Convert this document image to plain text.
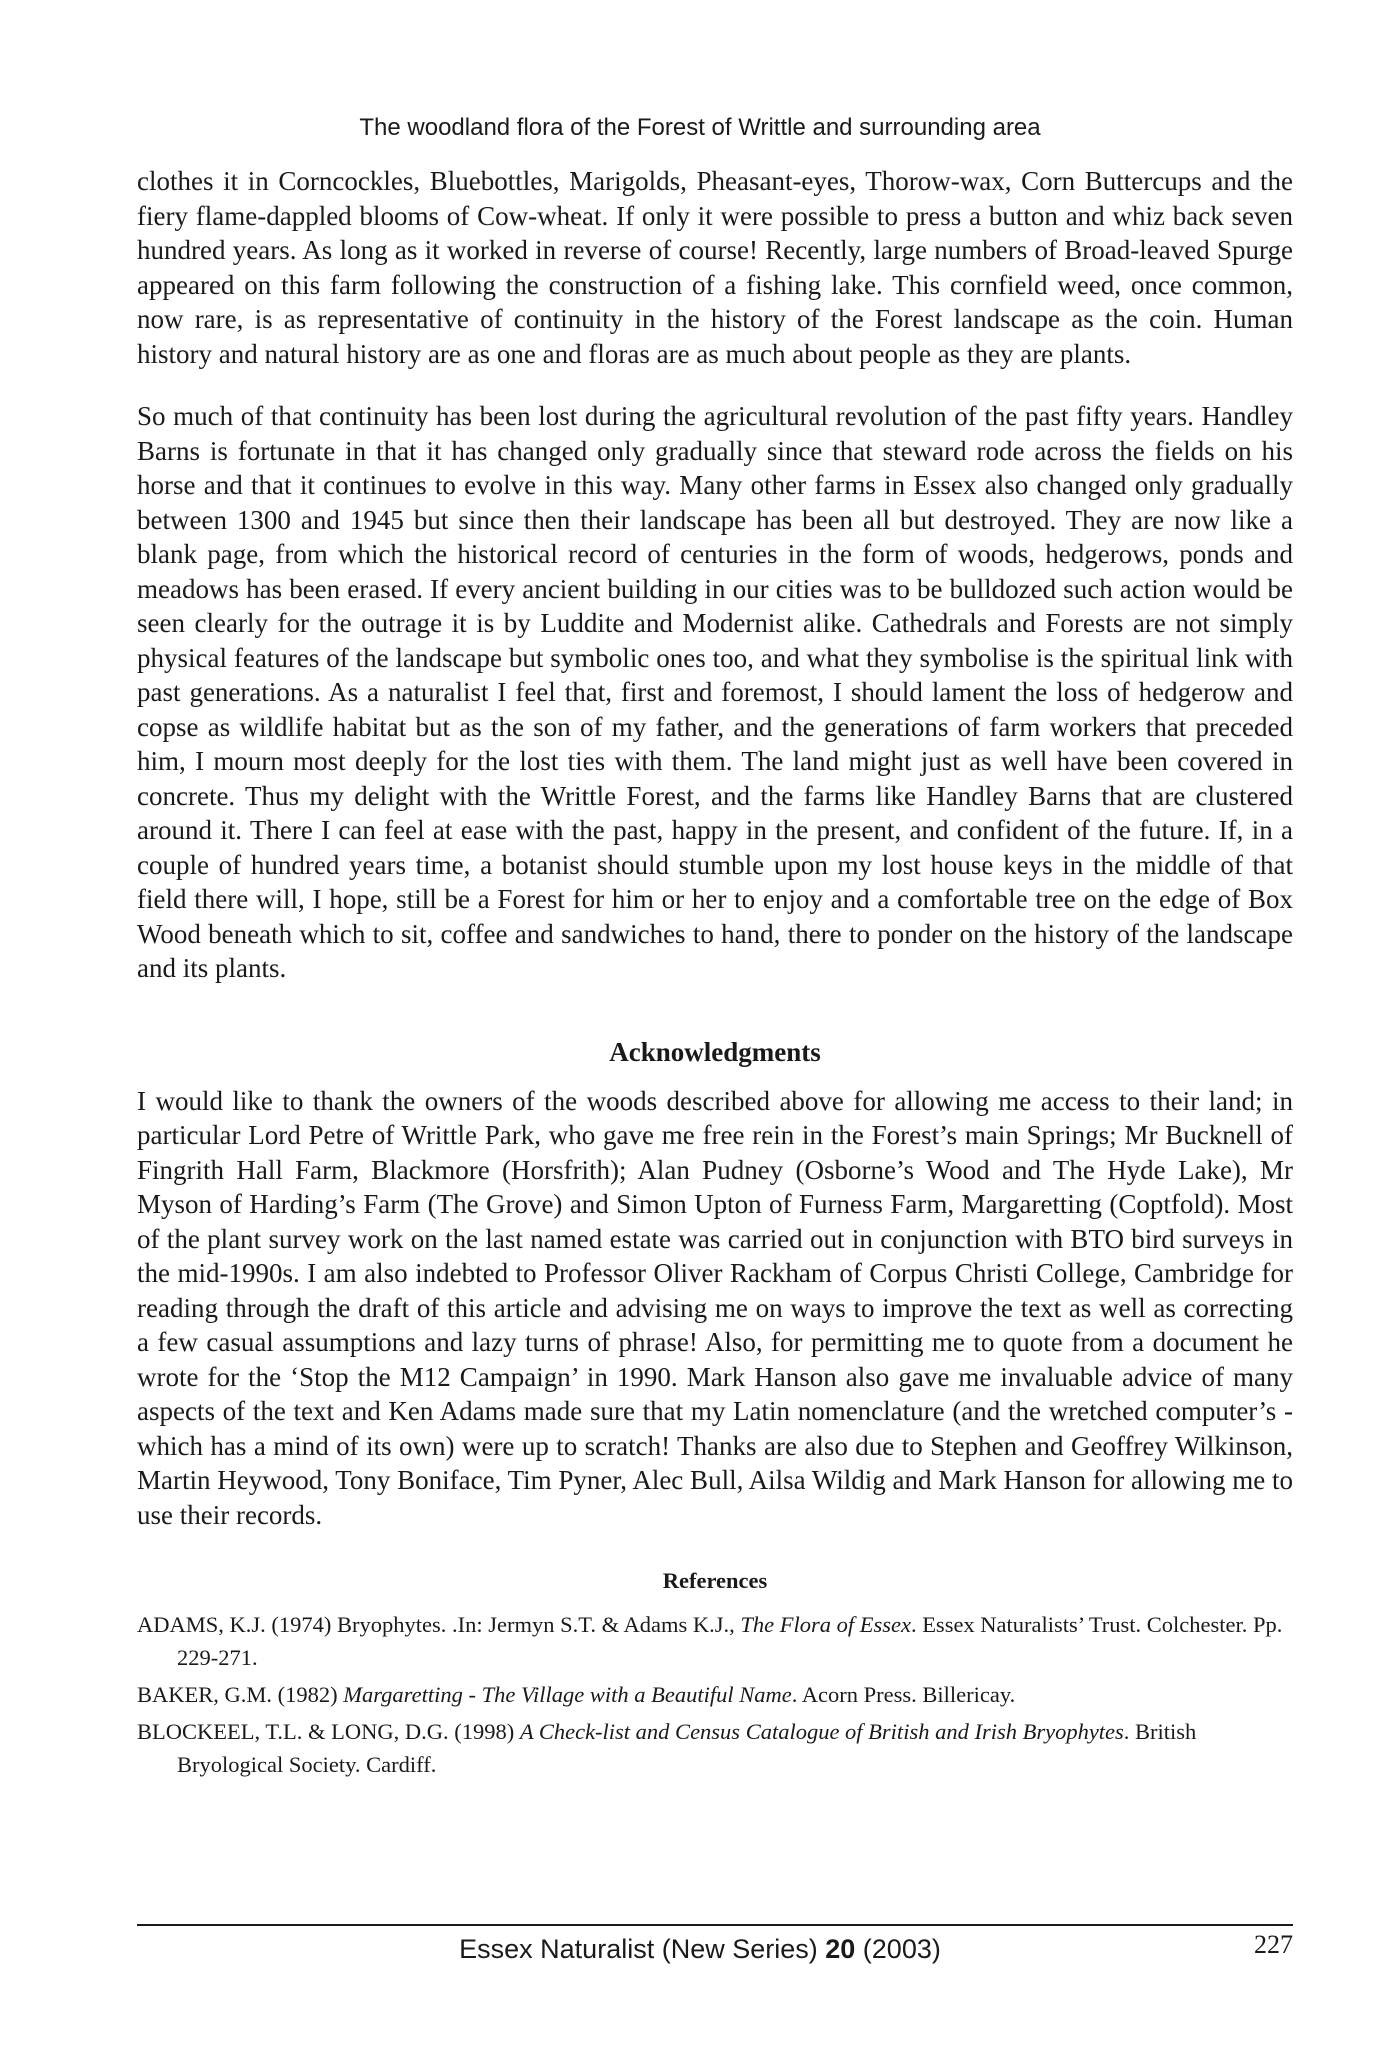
The woodland flora of the Forest of Writtle and surrounding area

clothes it in Corncockles, Bluebottles, Marigolds, Pheasant-eyes, Thorow-wax, Corn Buttercups and the fiery flame-dappled blooms of Cow-wheat. If only it were possible to press a button and whiz back seven hundred years. As long as it worked in reverse of course! Recently, large numbers of Broad-leaved Spurge appeared on this farm following the construction of a fishing lake. This cornfield weed, once common, now rare, is as representative of continuity in the history of the Forest landscape as the coin. Human history and natural history are as one and floras are as much about people as they are plants.

So much of that continuity has been lost during the agricultural revolution of the past fifty years. Handley Barns is fortunate in that it has changed only gradually since that steward rode across the fields on his horse and that it continues to evolve in this way. Many other farms in Essex also changed only gradually between 1300 and 1945 but since then their landscape has been all but destroyed. They are now like a blank page, from which the historical record of centuries in the form of woods, hedgerows, ponds and meadows has been erased. If every ancient building in our cities was to be bulldozed such action would be seen clearly for the outrage it is by Luddite and Modernist alike. Cathedrals and Forests are not simply physical features of the landscape but symbolic ones too, and what they symbolise is the spiritual link with past generations. As a naturalist I feel that, first and foremost, I should lament the loss of hedgerow and copse as wildlife habitat but as the son of my father, and the generations of farm workers that preceded him, I mourn most deeply for the lost ties with them. The land might just as well have been covered in concrete. Thus my delight with the Writtle Forest, and the farms like Handley Barns that are clustered around it. There I can feel at ease with the past, happy in the present, and confident of the future. If, in a couple of hundred years time, a botanist should stumble upon my lost house keys in the middle of that field there will, I hope, still be a Forest for him or her to enjoy and a comfortable tree on the edge of Box Wood beneath which to sit, coffee and sandwiches to hand, there to ponder on the history of the landscape and its plants.

Acknowledgments

I would like to thank the owners of the woods described above for allowing me access to their land; in particular Lord Petre of Writtle Park, who gave me free rein in the Forest’s main Springs; Mr Bucknell of Fingrith Hall Farm, Blackmore (Horsfrith); Alan Pudney (Osborne’s Wood and The Hyde Lake), Mr Myson of Harding’s Farm (The Grove) and Simon Upton of Furness Farm, Margaretting (Coptfold). Most of the plant survey work on the last named estate was carried out in conjunction with BTO bird surveys in the mid-1990s. I am also indebted to Professor Oliver Rackham of Corpus Christi College, Cambridge for reading through the draft of this article and advising me on ways to improve the text as well as correcting a few casual assumptions and lazy turns of phrase! Also, for permitting me to quote from a document he wrote for the ‘Stop the M12 Campaign’ in 1990. Mark Hanson also gave me invaluable advice of many aspects of the text and Ken Adams made sure that my Latin nomenclature (and the wretched computer’s - which has a mind of its own) were up to scratch! Thanks are also due to Stephen and Geoffrey Wilkinson, Martin Heywood, Tony Boniface, Tim Pyner, Alec Bull, Ailsa Wildig and Mark Hanson for allowing me to use their records.

References

ADAMS, K.J. (1974) Bryophytes. .In: Jermyn S.T. & Adams K.J., The Flora of Essex. Essex Naturalists’ Trust. Colchester. Pp. 229-271.

BAKER, G.M. (1982) Margaretting - The Village with a Beautiful Name. Acorn Press. Billericay.

BLOCKEEL, T.L. & LONG, D.G. (1998) A Check-list and Census Catalogue of British and Irish Bryophytes. British Bryological Society. Cardiff.

Essex Naturalist (New Series) 20 (2003)	227
